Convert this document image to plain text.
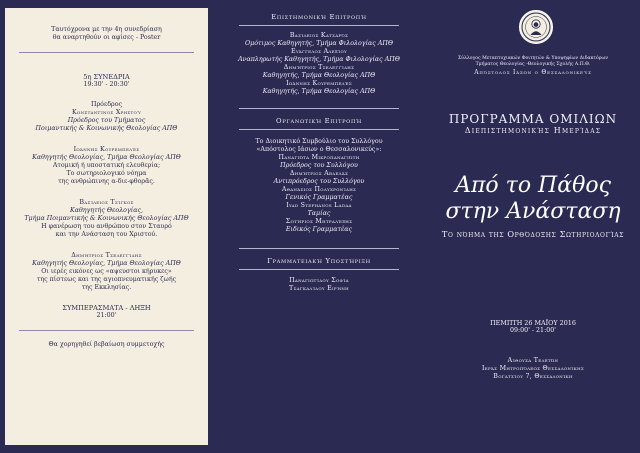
Ταυτόχρονα με την 4η συνεδρίαση
θα αναρτηθούν οι αφίσες - Poster
5η ΣΥΝΕΔΡΙΑ
19:30' - 20:30'
Πρόεδρος
Κωνσταντίνος Χρηστού
Πρόεδρος του Τμήματος
Ποιμαντικής & Κοινωνικής Θεολογίας ΑΠΘ
Ιωάννης Κουρεμπελές
Καθηγητής Θεολογίας, Τμήμα Θεολογίας ΑΠΘ
Ατομική ή υποστατική ελευθερία;
Το σωτηριολογικό νόημα
της ανθρώπινης α-διε-φθορᾶς.
Βασίλειος Τσίγκος
Καθηγητής Θεολογίας,
Τμήμα Ποιμαντικής & Κοινωνικής Θεολογίας ΑΠΘ
Η φανέρωση του ανθρώπου στον Σταυρό
και την Ανάσταση του Χριστού.
Δημήτριος Τσελεγγίδης
Καθηγητής Θεολογίας, Τμήμα Θεολογίας ΑΠΘ
Οι ιερές εικόνες ως «αψευστοι κήρυκες»
της πίστεως και της αγιοπνευματικής ζωής
της Εκκλησίας.
ΣΥΜΠΕΡΑΣΜΑΤΑ - ΛΗΞΗ
21:00'
Θα χορηγηθεί βεβαίωση συμμετοχής
Επιστημονική Επιτροπή
Βασίλειος Κατσαρός
Ομότιμος Καθηγητής, Τμήμα Φιλολογίας ΑΠΘ
Ευάγγελος Αλεξίου
Αναπληρωτής Καθηγητής, Τμήμα Φιλολογίας ΑΠΘ
Δημήτριος Τσελεγγίδης
Καθηγητής, Τμήμα Θεολογίας ΑΠΘ
Ιωάννης Κουρεμπελές
Καθηγητής, Τμήμα Θεολογίας ΑΠΘ
Οργανωτική Επιτροπή
Το Διοικητικό Συμβούλιο του Συλλόγου
«Απόστολος Ιάσων ο Θεσσαλονικεύς»:
Παναγιώτα Μικροπαναγιώτη
Πρόεδρος του Συλλόγου
Δημήτριος Αβδελάς
Αντιπρόεδρος του Συλλόγου
Αθανάσιος Πολυχρονίδης
Γενικός Γραμματέας
Iyad Stephanos Ladaa
Ταμίας
Σωτήριος Μητραλέξης
Ειδικός Γραμματέας
Γραμματειακή Υποστήριξη
Παναγιωτίδου Σοφία
Τσαγκαλίδου Ειρήνη
Σύλλογος Μεταπτυχιακών Φοιτητών & Υποψηφίων Διδακτόρων
Τμήματος Θεολογίας -Θεολογικής Σχολής Α.Π.Θ.
Απόστολος Ιάσων ο Θεσσαλονικεύς
ΠΡΟΓΡΑΜΜΑ ΟΜΙΛΙΩΝ
Διεπιστημονικής Ημερίδας
Από το Πάθος
στην Ανάσταση
Το νόημα της Ορθόδοξης Σωτηριολογίας
ΠΕΜΠΤΗ 26 ΜΑΪΟΥ 2016
09:00' - 21:00'
Αίθουσα Τελετών
Ιεράς Μητροπόλεως Θεσσαλονίκης
Βογατσίου 7, Θεσσαλονίκη
